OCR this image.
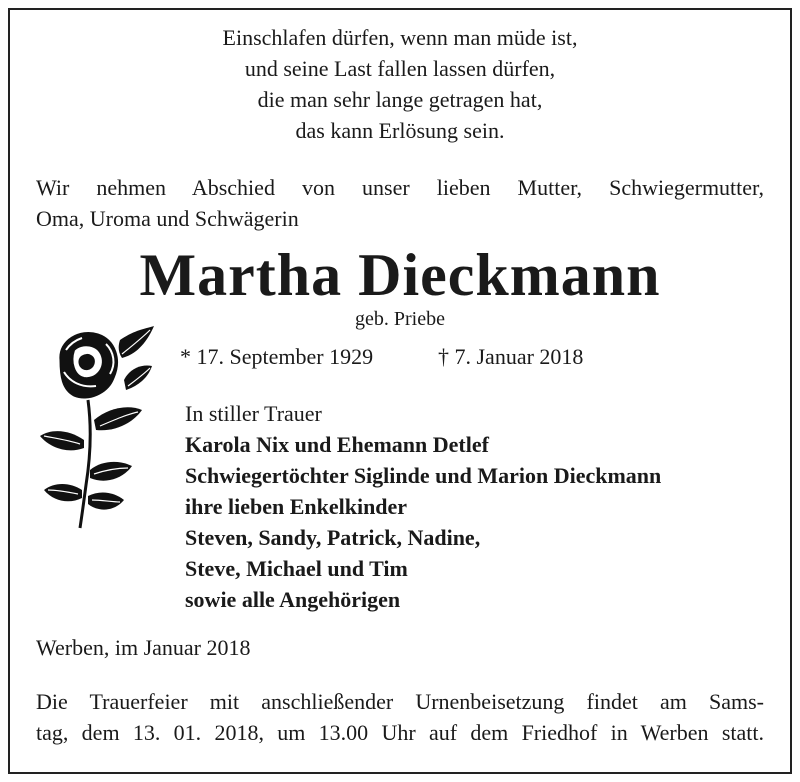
Einschlafen dürfen, wenn man müde ist,
und seine Last fallen lassen dürfen,
die man sehr lange getragen hat,
das kann Erlösung sein.
Wir nehmen Abschied von unser lieben Mutter, Schwiegermutter,
Oma, Uroma und Schwägerin
Martha Dieckmann
geb. Priebe
* 17. September 1929	† 7. Januar 2018
In stiller Trauer
Karola Nix und Ehemann Detlef
Schwiegertöchter Siglinde und Marion Dieckmann
ihre lieben Enkelkinder
Steven, Sandy, Patrick, Nadine,
Steve, Michael und Tim
sowie alle Angehörigen
Werben, im Januar 2018
Die Trauerfeier mit anschließender Urnenbeisetzung findet am Sams-
tag, dem 13. 01. 2018, um 13.00 Uhr auf dem Friedhof in Werben statt.
